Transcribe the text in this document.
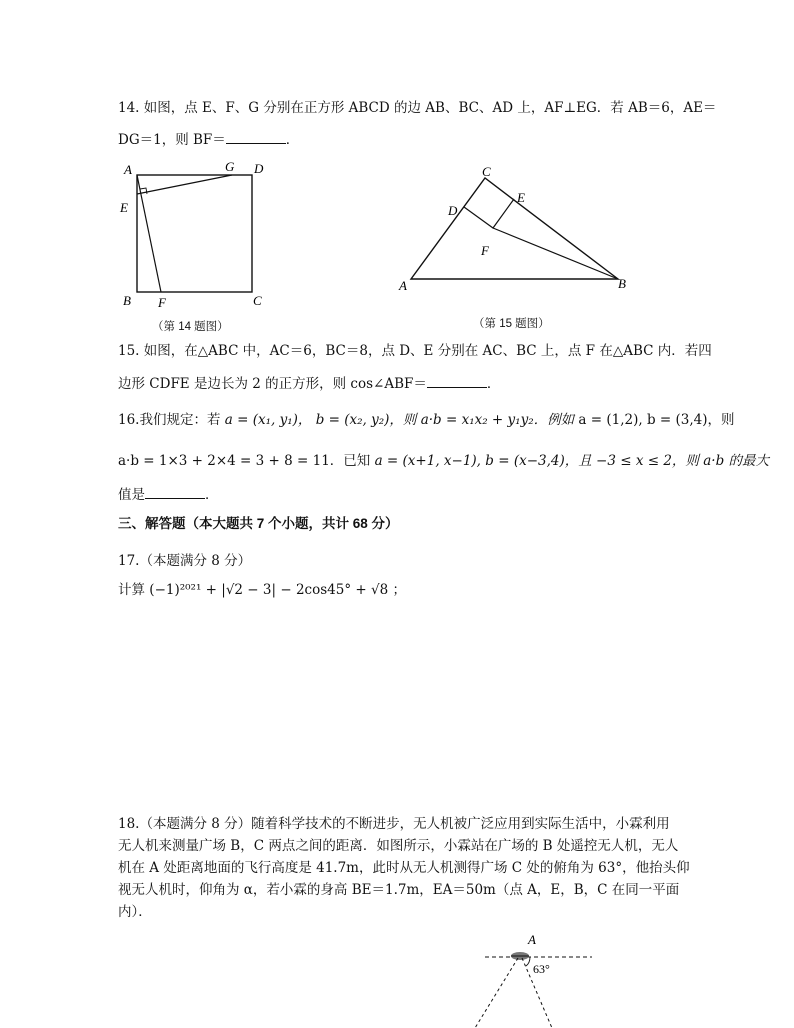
14. 如图，点 E、F、G 分别在正方形 ABCD 的边 AB、BC、AD 上，AF⊥EG．若 AB＝6，AE＝
DG＝1，则 BF＝	．
A	G D
E
B F	C
（第 14 题图）
C
E
D
F
A	B
（第 15 题图）
15. 如图，在△ABC 中，AC＝6，BC＝8，点 D、E 分别在 AC、BC 上，点 F 在△ABC 内．若四
边形 CDFE 是边长为 2 的正方形，则 cos∠ABF＝	．
16.我们规定：若 a = (x₁, y₁)， b = (x₂, y₂)，则 a·b = x₁x₂ + y₁y₂．例如 a = (1,2), b = (3,4)，则
a·b = 1×3 + 2×4 = 3 + 8 = 11．已知 a = (x+1, x−1), b = (x−3,4)，且 −3 ≤ x ≤ 2，则 a·b 的最大
值是	．
三、解答题（本大题共 7 个小题，共计 68 分）
17.（本题满分 8 分）
计算 (−1)²⁰²¹ + |√2 − 3| − 2cos45° + √8 ；
18.（本题满分 8 分）随着科学技术的不断进步，无人机被广泛应用到实际生活中，小霖利用
无人机来测量广场 B，C 两点之间的距离．如图所示，小霖站在广场的 B 处遥控无人机，无人
机在 A 处距离地面的飞行高度是 41.7m，此时从无人机测得广场 C 处的俯角为 63°，他抬头仰
视无人机时，仰角为 α，若小霖的身高 BE＝1.7m，EA＝50m（点 A，E，B，C 在同一平面
内）．
A
63°
